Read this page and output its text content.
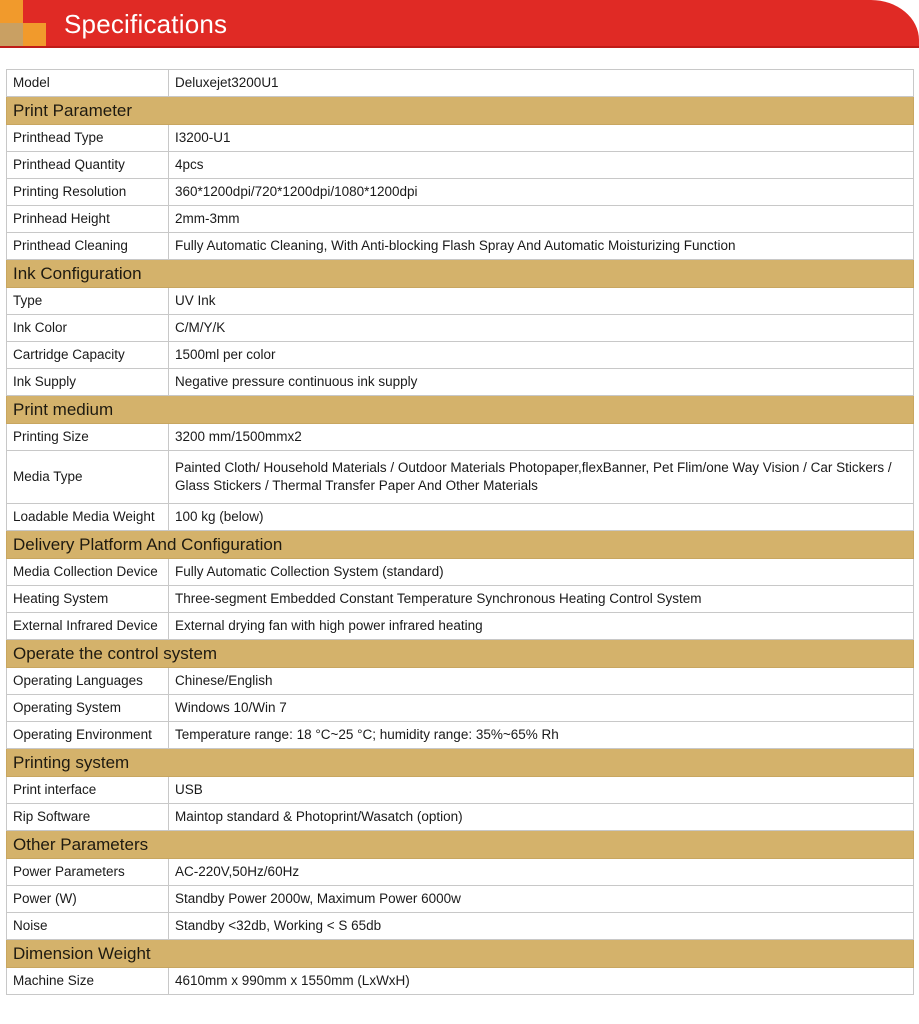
Specifications
Model	Deluxejet3200U1
Print Parameter	
Printhead Type	I3200-U1
Printhead Quantity	4pcs
Printing Resolution	360*1200dpi/720*1200dpi/1080*1200dpi
Prinhead Height	2mm-3mm
Printhead Cleaning	Fully Automatic Cleaning, With Anti-blocking Flash Spray And Automatic Moisturizing Function
Ink Configuration	
Type	UV Ink
Ink Color	C/M/Y/K
Cartridge Capacity	1500ml per color
Ink Supply	Negative pressure continuous ink supply
Print medium	
Printing Size	3200 mm/1500mmx2
Media Type	Painted Cloth/ Household Materials / Outdoor Materials Photopaper,flexBanner, Pet Flim/one Way Vision / Car Stickers / Glass Stickers / Thermal Transfer Paper And Other Materials
Loadable Media Weight	100 kg (below)
Delivery Platform And Configuration	
Media Collection Device	Fully Automatic Collection System (standard)
Heating System	Three-segment Embedded Constant Temperature Synchronous Heating Control System
External Infrared Device	External drying fan with high power infrared heating
Operate the control system	
Operating Languages	Chinese/English
Operating System	Windows 10/Win 7
Operating Environment	Temperature range: 18 °C~25 °C; humidity range: 35%~65% Rh
Printing system	
Print interface	USB
Rip Software	Maintop standard & Photoprint/Wasatch (option)
Other Parameters	
Power Parameters	AC-220V,50Hz/60Hz
Power (W)	Standby Power 2000w, Maximum Power 6000w
Noise	Standby <32db, Working < S 65db
Dimension Weight	
Machine Size	4610mm x 990mm x 1550mm (LxWxH)
